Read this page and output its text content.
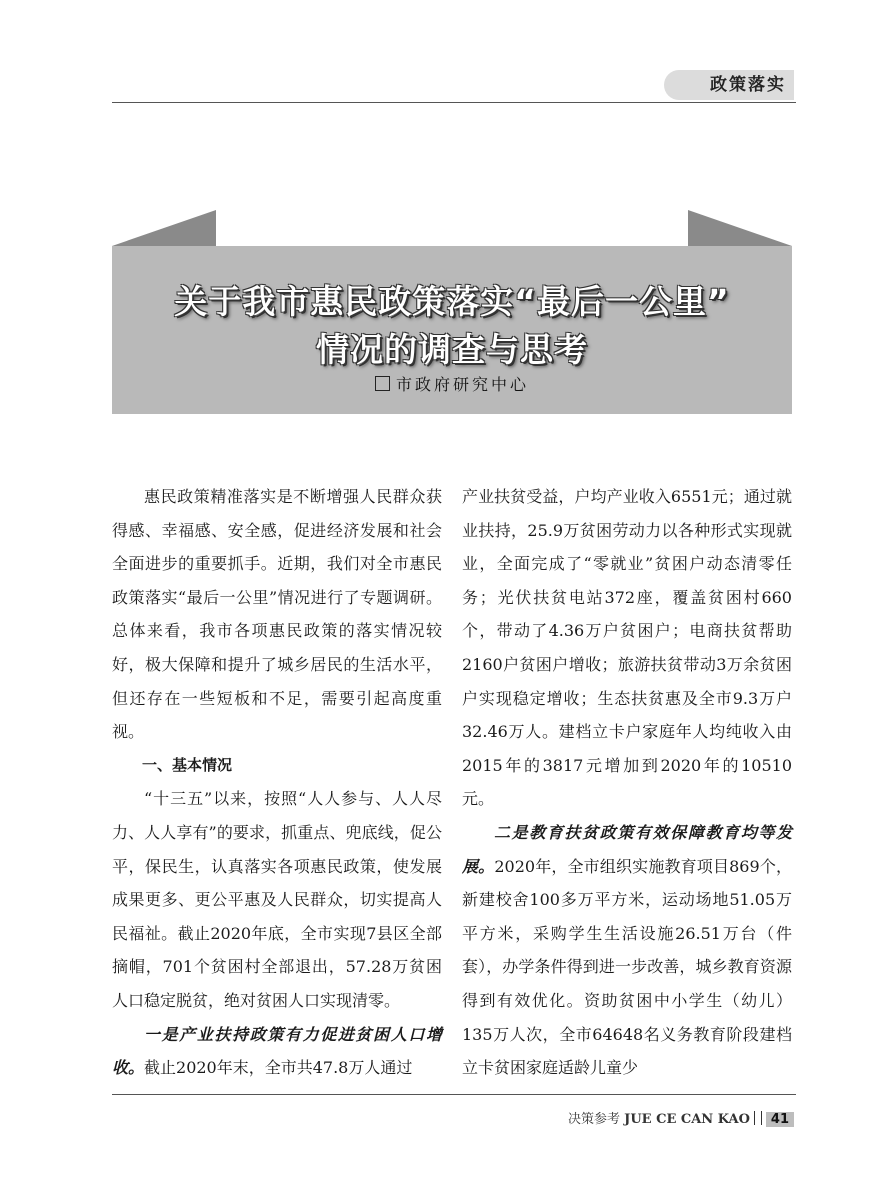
政策落实
关于我市惠民政策落实“最后一公里”
情况的调查与思考
市政府研究中心

惠民政策精准落实是不断增强人民群众获得感、幸福感、安全感，促进经济发展和社会全面进步的重要抓手。近期，我们对全市惠民政策落实“最后一公里”情况进行了专题调研。总体来看，我市各项惠民政策的落实情况较好，极大保障和提升了城乡居民的生活水平，但还存在一些短板和不足，需要引起高度重视。

一、基本情况

“十三五”以来，按照“人人参与、人人尽力、人人享有”的要求，抓重点、兜底线，促公平，保民生，认真落实各项惠民政策，使发展成果更多、更公平惠及人民群众，切实提高人民福祉。截止2020年底，全市实现7县区全部摘帽，701个贫困村全部退出，57.28万贫困人口稳定脱贫，绝对贫困人口实现清零。

一是产业扶持政策有力促进贫困人口增收。截止2020年末，全市共47.8万人通过

产业扶贫受益，户均产业收入6551元；通过就业扶持，25.9万贫困劳动力以各种形式实现就业，全面完成了“零就业”贫困户动态清零任务；光伏扶贫电站372座，覆盖贫困村660个，带动了4.36万户贫困户；电商扶贫帮助2160户贫困户增收；旅游扶贫带动3万余贫困户实现稳定增收；生态扶贫惠及全市9.3万户32.46万人。建档立卡户家庭年人均纯收入由2015年的3817元增加到2020年的10510元。

二是教育扶贫政策有效保障教育均等发展。2020年，全市组织实施教育项目869个，新建校舍100多万平方米，运动场地51.05万平方米，采购学生生活设施26.51万台（件套），办学条件得到进一步改善，城乡教育资源得到有效优化。资助贫困中小学生（幼儿）135万人次，全市64648名义务教育阶段建档立卡贫困家庭适龄儿童少

决策参考 JUE CE CAN KAO 41
